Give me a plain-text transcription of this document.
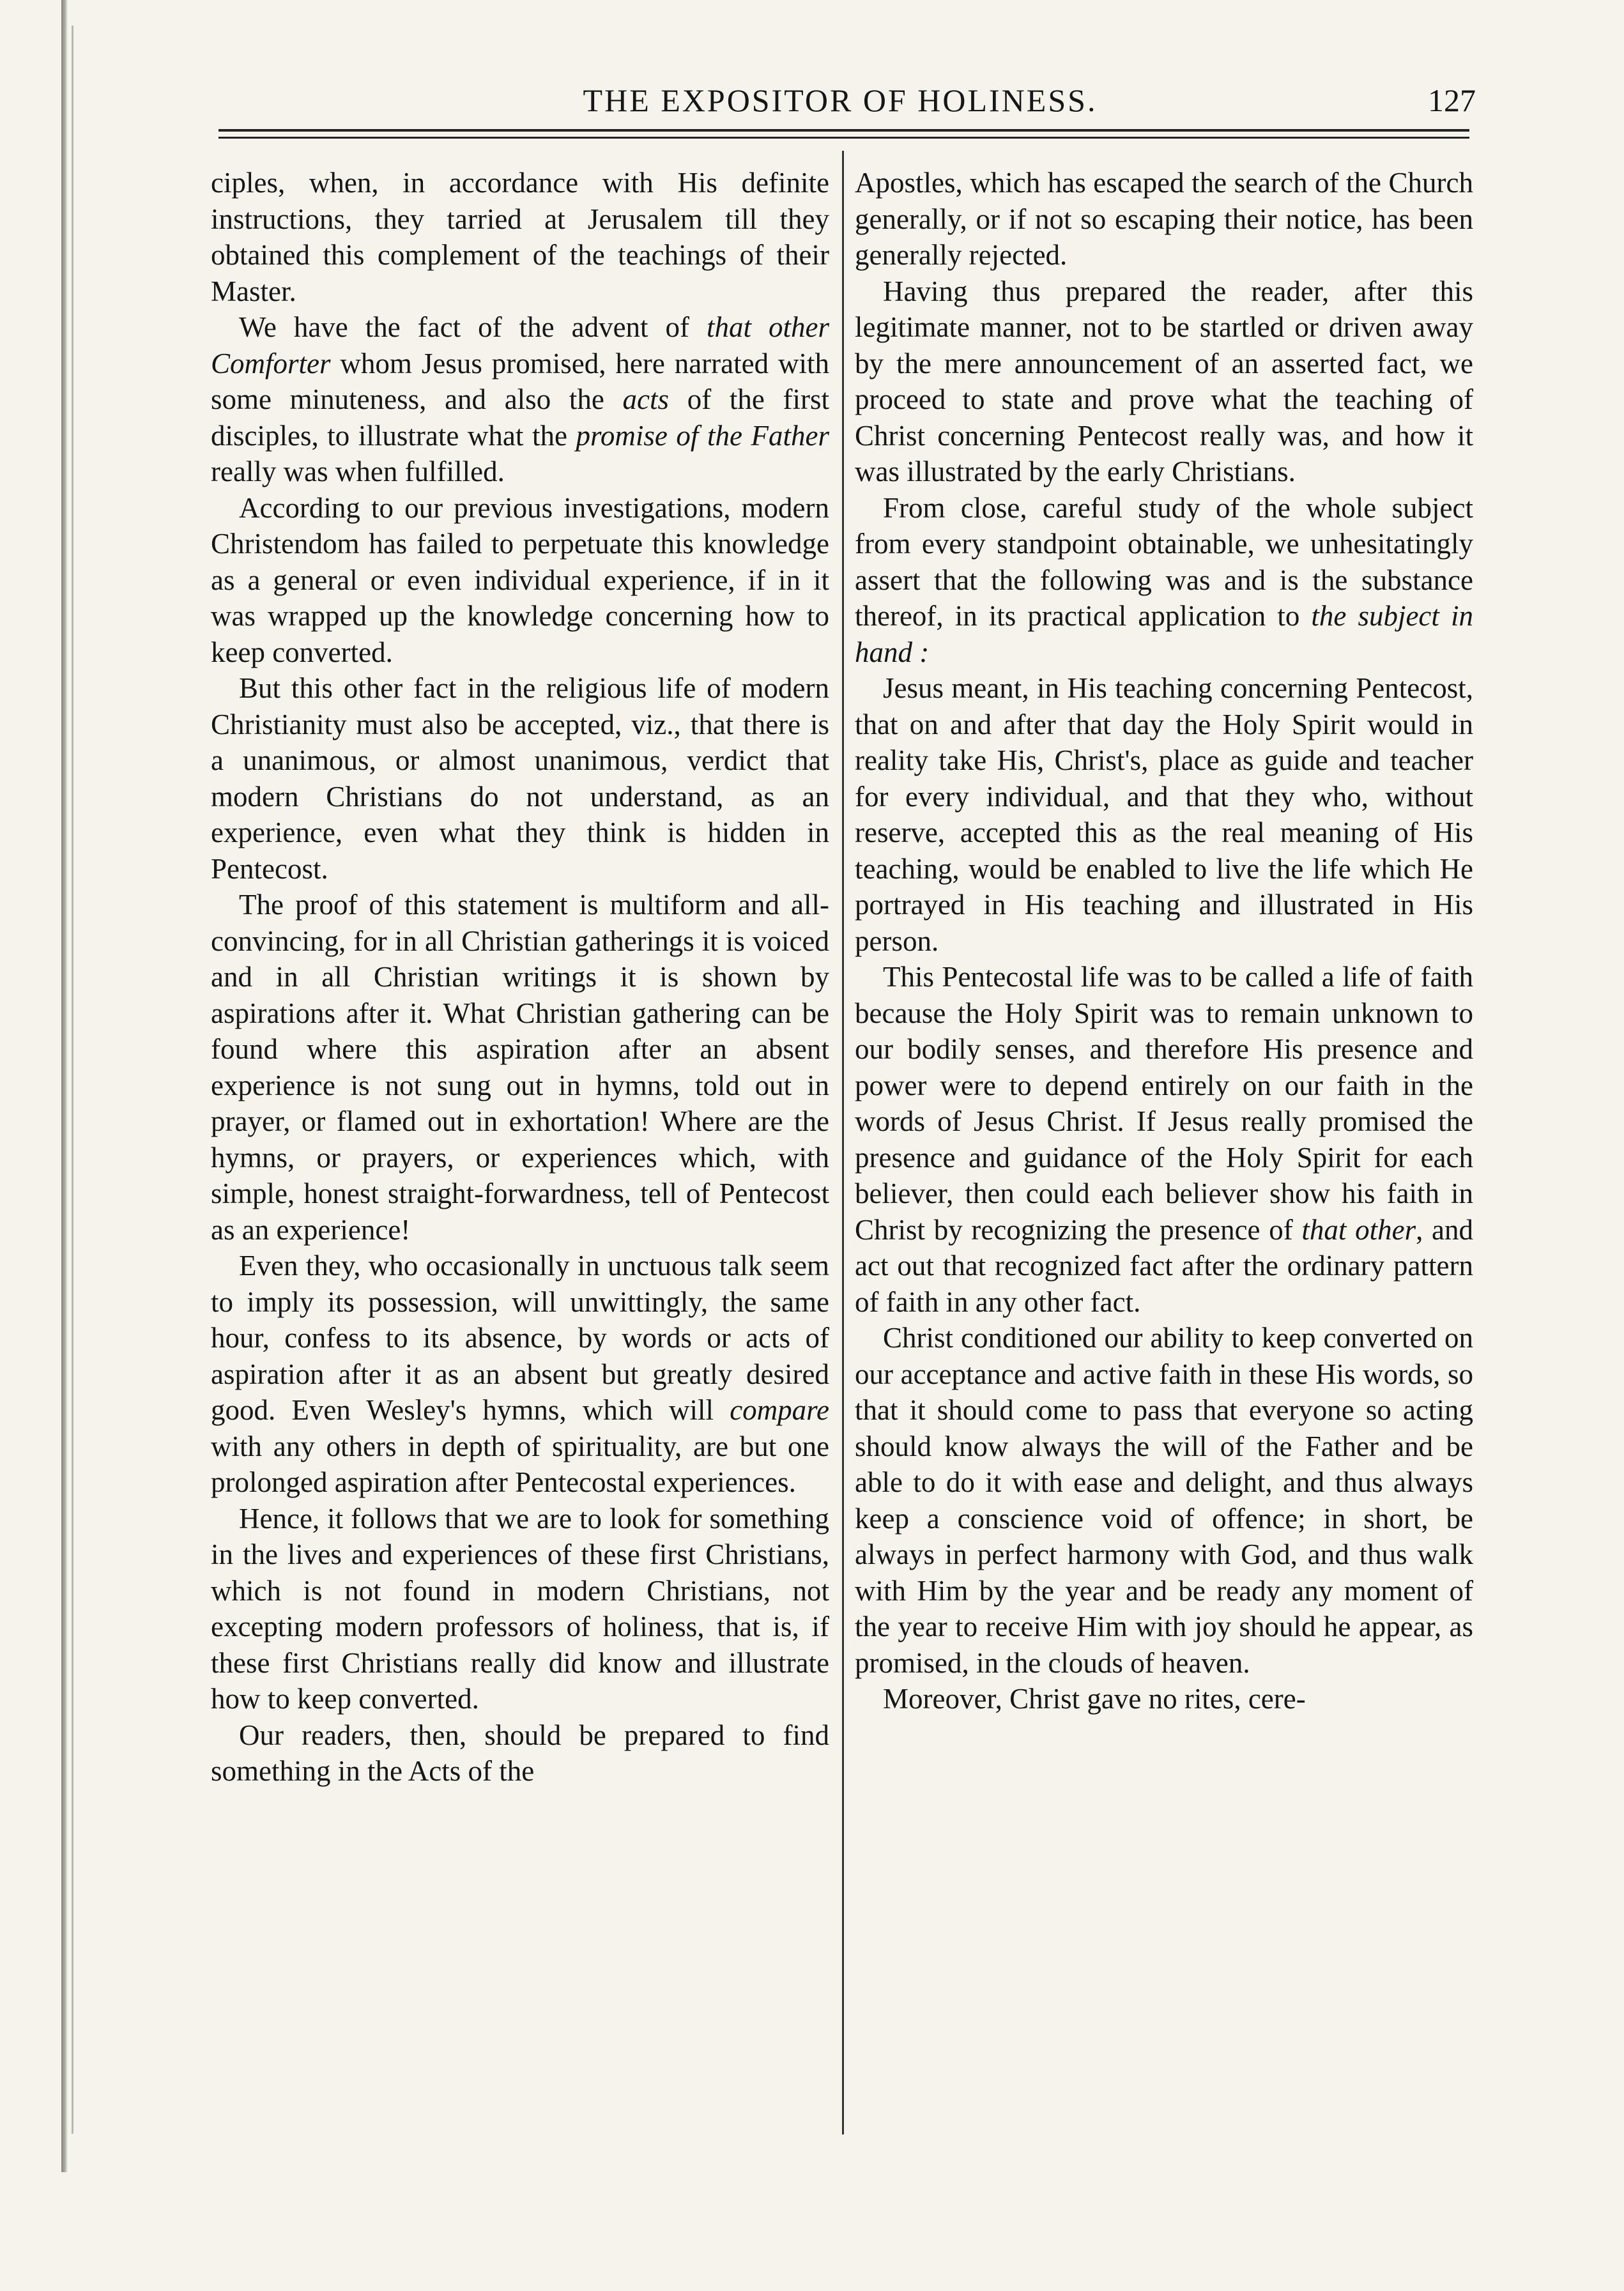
THE EXPOSITOR OF HOLINESS.	127

ciples, when, in accordance with His definite instructions, they tarried at Jerusalem till they obtained this complement of the teachings of their Master.

We have the fact of the advent of that other Comforter whom Jesus promised, here narrated with some minuteness, and also the acts of the first disciples, to illustrate what the promise of the Father really was when fulfilled.

According to our previous investigations, modern Christendom has failed to perpetuate this knowledge as a general or even individual experience, if in it was wrapped up the knowledge concerning how to keep converted.

But this other fact in the religious life of modern Christianity must also be accepted, viz., that there is a unanimous, or almost unanimous, verdict that modern Christians do not understand, as an experience, even what they think is hidden in Pentecost.

The proof of this statement is multiform and all-convincing, for in all Christian gatherings it is voiced and in all Christian writings it is shown by aspirations after it. What Christian gathering can be found where this aspiration after an absent experience is not sung out in hymns, told out in prayer, or flamed out in exhortation! Where are the hymns, or prayers, or experiences which, with simple, honest straight-forwardness, tell of Pentecost as an experience!

Even they, who occasionally in unctuous talk seem to imply its possession, will unwittingly, the same hour, confess to its absence, by words or acts of aspiration after it as an absent but greatly desired good. Even Wesley's hymns, which will compare with any others in depth of spirituality, are but one prolonged aspiration after Pentecostal experiences.

Hence, it follows that we are to look for something in the lives and experiences of these first Christians, which is not found in modern Christians, not excepting modern professors of holiness, that is, if these first Christians really did know and illustrate how to keep converted.

Our readers, then, should be prepared to find something in the Acts of the

Apostles, which has escaped the search of the Church generally, or if not so escaping their notice, has been generally rejected.

Having thus prepared the reader, after this legitimate manner, not to be startled or driven away by the mere announcement of an asserted fact, we proceed to state and prove what the teaching of Christ concerning Pentecost really was, and how it was illustrated by the early Christians.

From close, careful study of the whole subject from every standpoint obtainable, we unhesitatingly assert that the following was and is the substance thereof, in its practical application to the subject in hand :

Jesus meant, in His teaching concerning Pentecost, that on and after that day the Holy Spirit would in reality take His, Christ's, place as guide and teacher for every individual, and that they who, without reserve, accepted this as the real meaning of His teaching, would be enabled to live the life which He portrayed in His teaching and illustrated in His person.

This Pentecostal life was to be called a life of faith because the Holy Spirit was to remain unknown to our bodily senses, and therefore His presence and power were to depend entirely on our faith in the words of Jesus Christ. If Jesus really promised the presence and guidance of the Holy Spirit for each believer, then could each believer show his faith in Christ by recognizing the presence of that other, and act out that recognized fact after the ordinary pattern of faith in any other fact.

Christ conditioned our ability to keep converted on our acceptance and active faith in these His words, so that it should come to pass that everyone so acting should know always the will of the Father and be able to do it with ease and delight, and thus always keep a conscience void of offence; in short, be always in perfect harmony with God, and thus walk with Him by the year and be ready any moment of the year to receive Him with joy should he appear, as promised, in the clouds of heaven.

Moreover, Christ gave no rites, cere-
